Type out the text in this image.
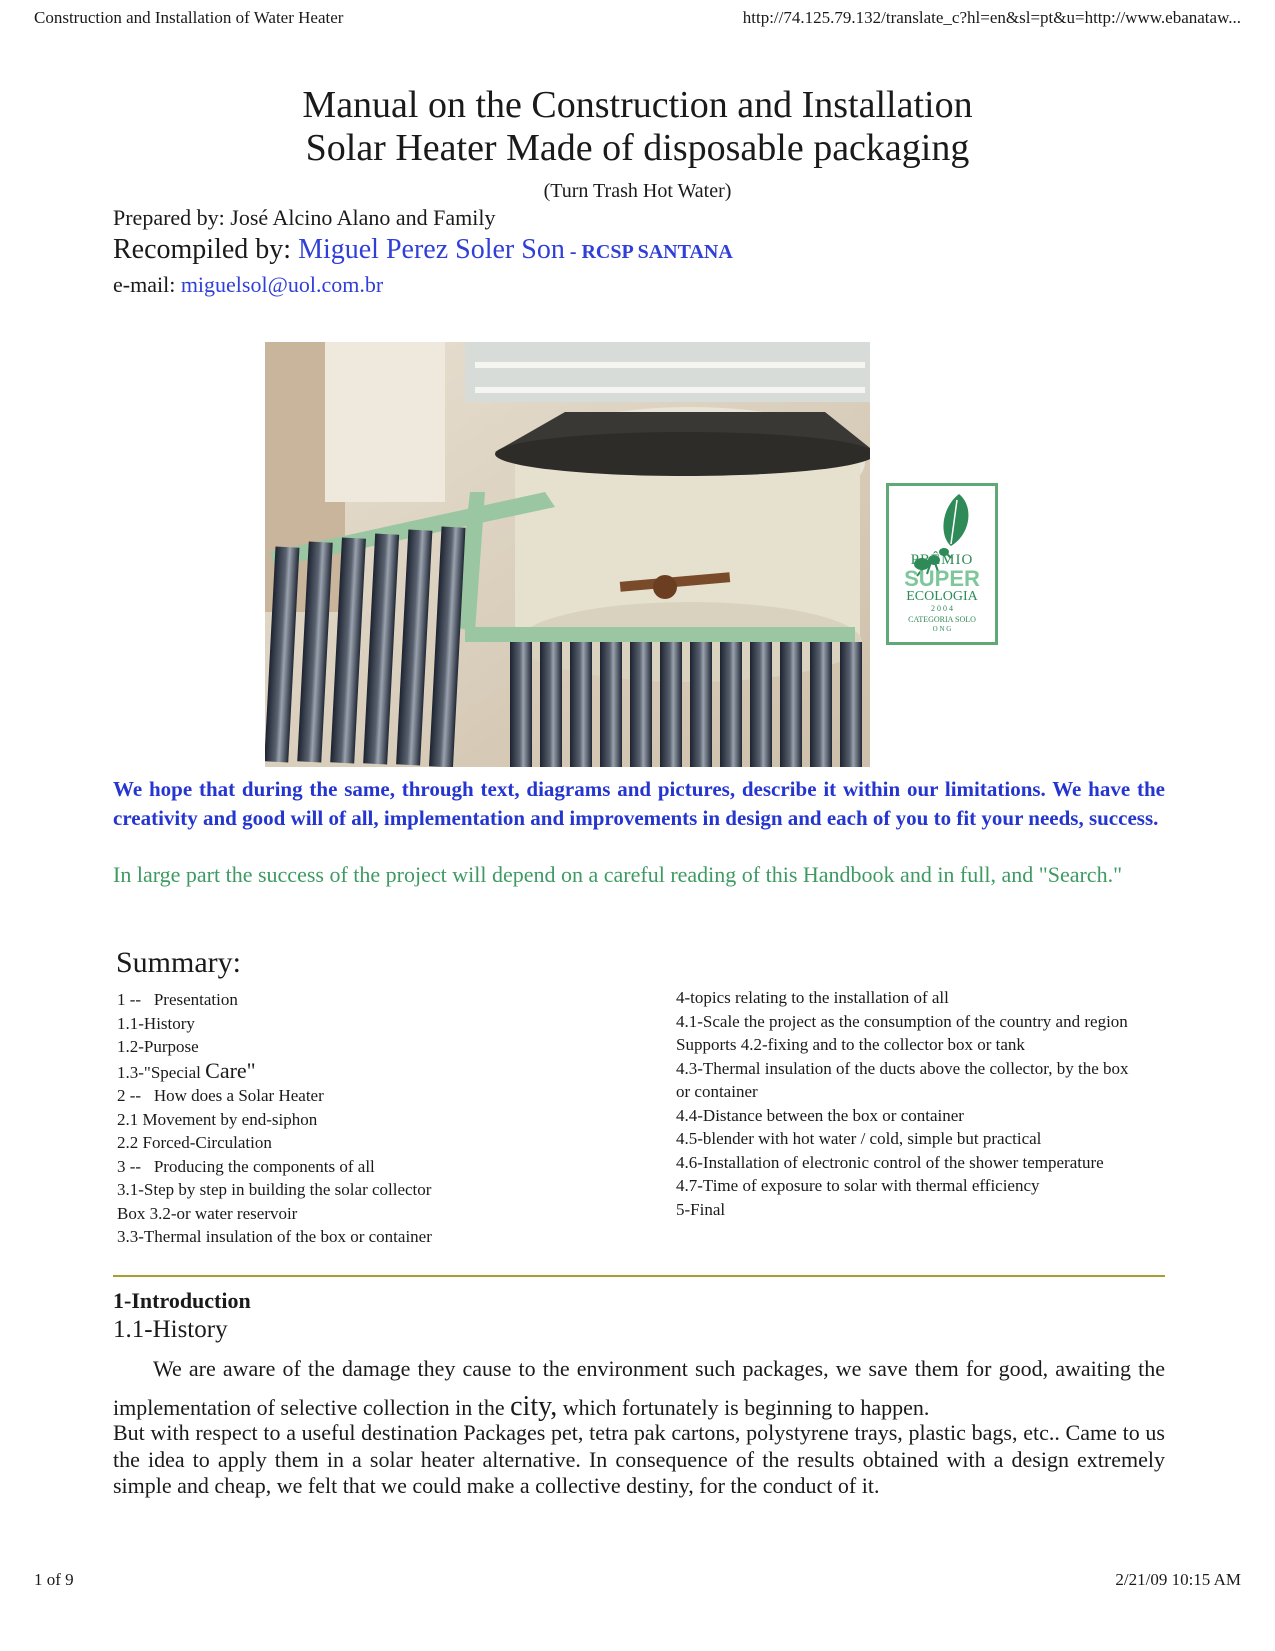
Construction and Installation of Water Heater	http://74.125.79.132/translate_c?hl=en&sl=pt&u=http://www.ebanataw...
Manual on the Construction and Installation
Solar Heater Made of disposable packaging
(Turn Trash Hot Water)
Prepared by: José Alcino Alano and Family
Recompiled by: Miguel Perez Soler Son - RCSP SANTANA
e-mail: miguelsol@uol.com.br
PRÊMIO
SUPER
ECOLOGIA
2 0 0 4
CATEGORIA SOLO
O N G
We hope that during the same, through text, diagrams and pictures, describe it within our limitations. We have the creativity and good will of all, implementation and improvements in design and each of you to fit your needs, success.
In large part the success of the project will depend on a careful reading of this Handbook and in full, and "Search."
Summary:
1 --   Presentation
1.1-History
1.2-Purpose
1.3-"Special Care"
2 --   How does a Solar Heater
2.1 Movement by end-siphon
2.2 Forced-Circulation
3 --   Producing the components of all
3.1-Step by step in building the solar collector
Box 3.2-or water reservoir
3.3-Thermal insulation of the box or container
4-topics relating to the installation of all
4.1-Scale the project as the consumption of the country and region
Supports 4.2-fixing and to the collector box or tank
4.3-Thermal insulation of the ducts above the collector, by the box or container
4.4-Distance between the box or container
4.5-blender with hot water / cold, simple but practical
4.6-Installation of electronic control of the shower temperature
4.7-Time of exposure to solar with thermal efficiency
5-Final
1-Introduction
1.1-History
We are aware of the damage they cause to the environment such packages, we save them for good, awaiting the implementation of selective collection in the city, which fortunately is beginning to happen.
But with respect to a useful destination Packages pet, tetra pak cartons, polystyrene trays, plastic bags, etc.. Came to us the idea to apply them in a solar heater alternative. In consequence of the results obtained with a design extremely simple and cheap, we felt that we could make a collective destiny, for the conduct of it.
1 of 9	2/21/09 10:15 AM
